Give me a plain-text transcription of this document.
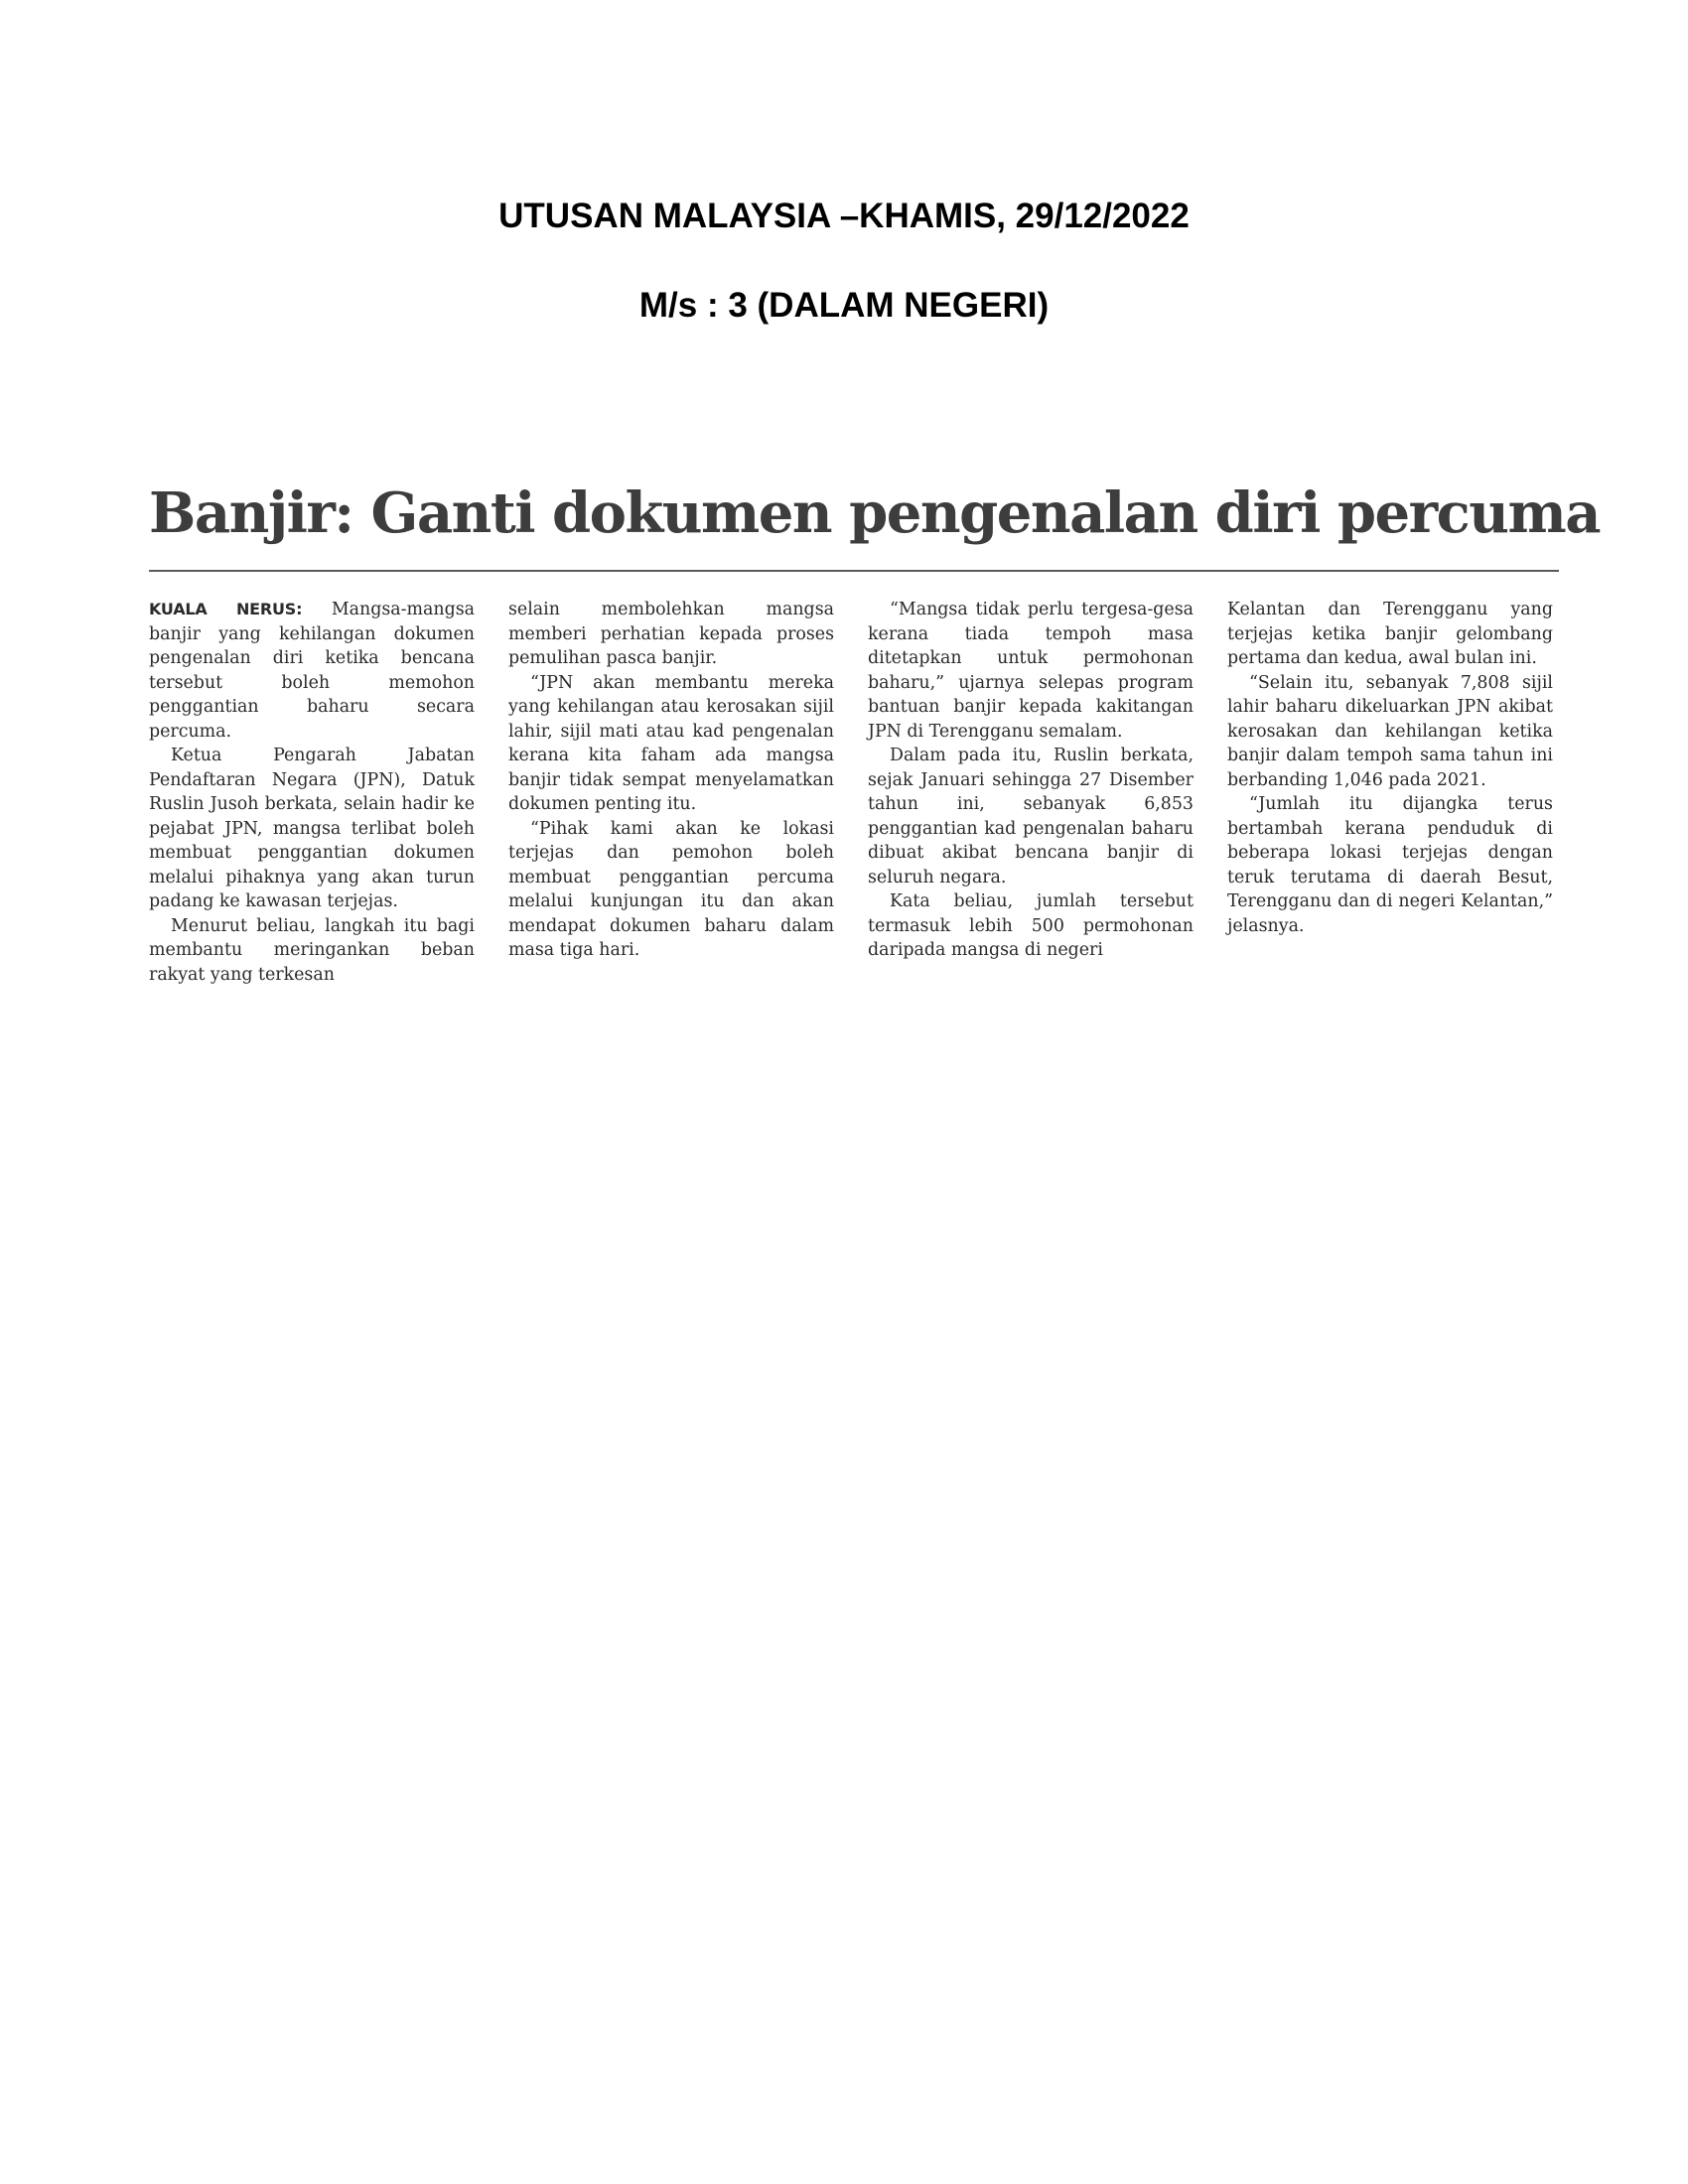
UTUSAN MALAYSIA –KHAMIS, 29/12/2022
M/s : 3 (DALAM NEGERI)
Banjir: Ganti dokumen pengenalan diri percuma

KUALA NERUS: Mangsa-mangsa banjir yang kehilangan dokumen pengenalan diri ketika bencana tersebut boleh memohon penggantian baharu secara percuma.

Ketua Pengarah Jabatan Pendaftaran Negara (JPN), Datuk Ruslin Jusoh berkata, selain hadir ke pejabat JPN, mangsa terlibat boleh membuat penggantian dokumen melalui pihaknya yang akan turun padang ke kawasan terjejas.

Menurut beliau, langkah itu bagi membantu meringankan beban rakyat yang terkesan

selain membolehkan mangsa memberi perhatian kepada proses pemulihan pasca banjir.

“JPN akan membantu mereka yang kehilangan atau kerosakan sijil lahir, sijil mati atau kad pengenalan kerana kita faham ada mangsa banjir tidak sempat menyelamatkan dokumen penting itu.

“Pihak kami akan ke lokasi terjejas dan pemohon boleh membuat penggantian percuma melalui kunjungan itu dan akan mendapat dokumen baharu dalam masa tiga hari.

“Mangsa tidak perlu tergesa-gesa kerana tiada tempoh masa ditetapkan untuk permohonan baharu,” ujarnya selepas program bantuan banjir kepada kakitangan JPN di Terengganu semalam.

Dalam pada itu, Ruslin berkata, sejak Januari sehingga 27 Disember tahun ini, sebanyak 6,853 penggantian kad pengenalan baharu dibuat akibat bencana banjir di seluruh negara.

Kata beliau, jumlah tersebut termasuk lebih 500 permohonan daripada mangsa di negeri

Kelantan dan Terengganu yang terjejas ketika banjir gelombang pertama dan kedua, awal bulan ini.

“Selain itu, sebanyak 7,808 sijil lahir baharu dikeluarkan JPN akibat kerosakan dan kehilangan ketika banjir dalam tempoh sama tahun ini berbanding 1,046 pada 2021.

“Jumlah itu dijangka terus bertambah kerana penduduk di beberapa lokasi terjejas dengan teruk terutama di daerah Besut, Terengganu dan di negeri Kelantan,” jelasnya.
